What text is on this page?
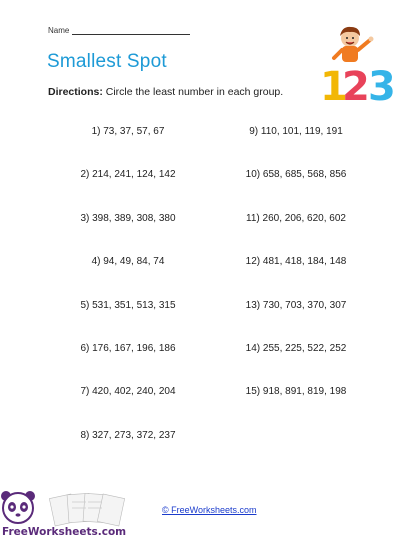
Name
Smallest Spot
Directions: Circle the least number in each group. 1
2
3
1) 73, 37, 57, 67
2) 214, 241, 124, 142
3) 398, 389, 308, 380
4) 94, 49, 84, 74
5) 531, 351, 513, 315
6) 176, 167, 196, 186
7) 420, 402, 240, 204
8) 327, 273, 372, 237
9) 110, 101, 119, 191
10) 658, 685, 568, 856
11) 260, 206, 620, 602
12) 481, 418, 184, 148
13) 730, 703, 370, 307
14) 255, 225, 522, 252
15) 918, 891, 819, 198
FreeWorksheets.com
© FreeWorksheets.com
